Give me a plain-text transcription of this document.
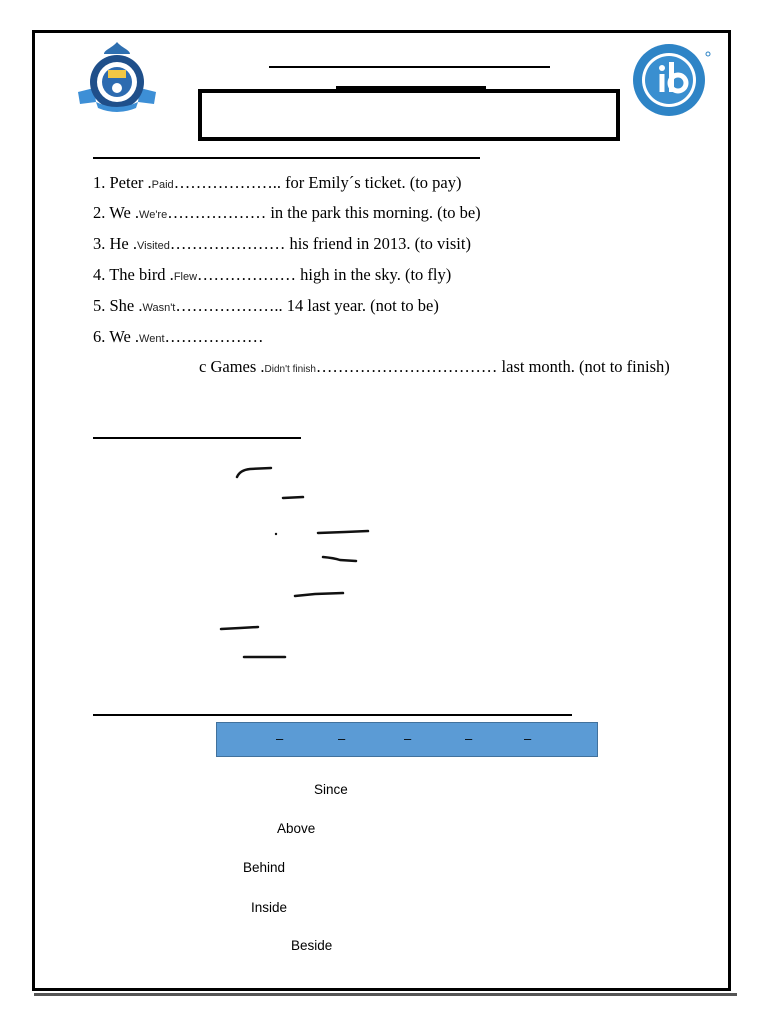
1. Peter .Paid……………….. for Emily´s ticket. (to pay)
2. We .We're……………… in the park this morning. (to be)
3. He .Visited………………… his friend in 2013. (to visit)
4. The bird .Flew……………… high in the sky. (to fly)
5. She .Wasn't……………….. 14 last year. (not to be)
6. We .Went………………
c Games .Didn't finish…………………………… last month. (not to finish)
–	–	–	–	–
Since
Above
Behind
Inside
Beside
